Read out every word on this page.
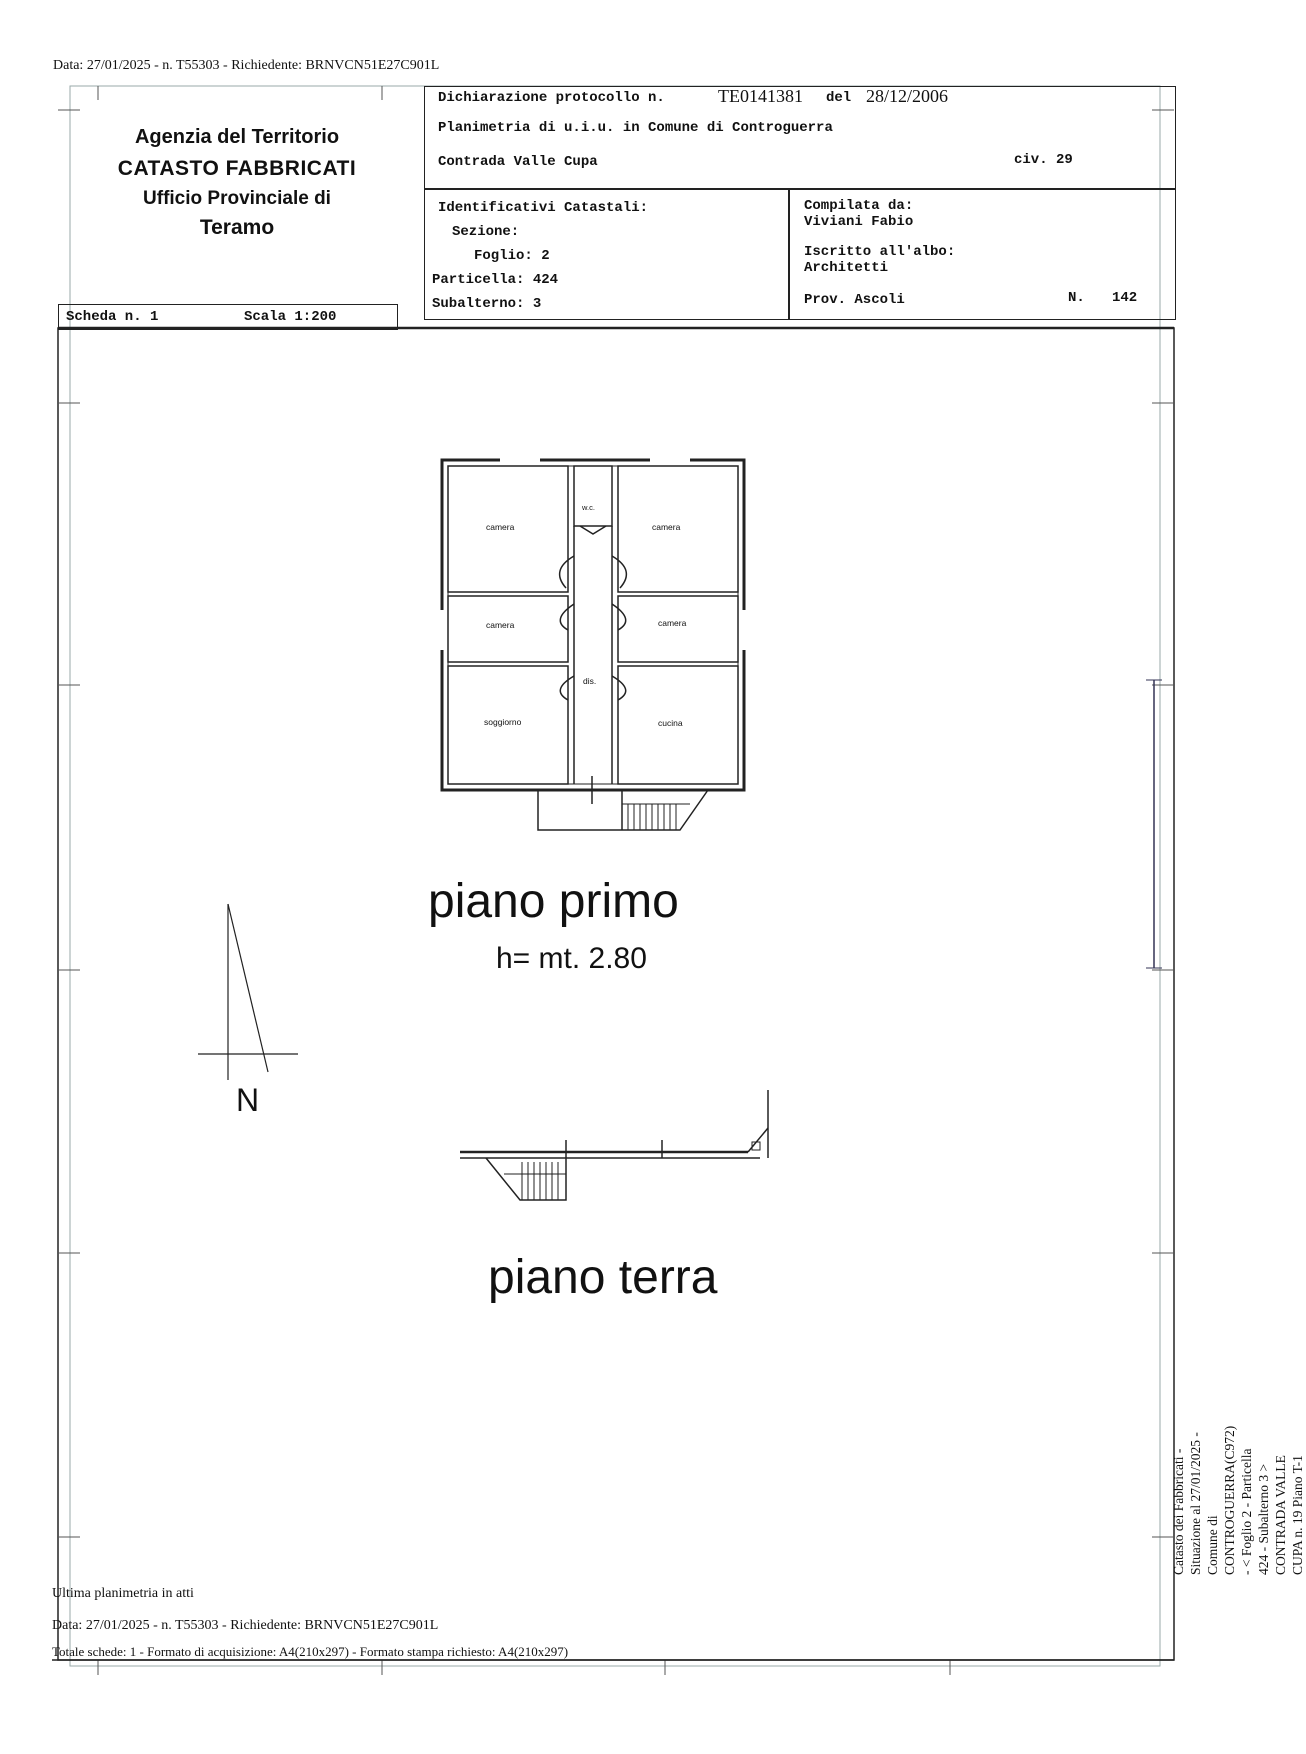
Data: 27/01/2025 - n. T55303 - Richiedente: BRNVCN51E27C901L
Agenzia del Territorio
CATASTO FABBRICATI
Ufficio Provinciale di
Teramo
Scheda n. 1	Scala 1:200
Dichiarazione protocollo n.	TE0141381 del 28/12/2006
Planimetria di u.i.u. in Comune di Controguerra
Contrada Valle Cupa	civ. 29
Identificativi Catastali:
Sezione:
Foglio: 2
Particella: 424
Subalterno: 3
Compilata da:
Viviani Fabio
Iscritto all'albo:
Architetti
Prov. Ascoli	N. 142
camera
w.c.
camera
camera	camera
dis.
soggiorno	cucina
piano primo
h= mt. 2.80
N
piano terra
Ultima planimetria in atti
Data: 27/01/2025 - n. T55303 - Richiedente: BRNVCN51E27C901L
Totale schede: 1 - Formato di acquisizione: A4(210x297) - Formato stampa richiesto: A4(210x297)
Catasto dei Fabbricati - Situazione al 27/01/2025 - Comune di CONTROGUERRA(C972) - < Foglio 2 - Particella 424 - Subalterno 3 > CONTRADA VALLE CUPA n. 19 Piano T-1
